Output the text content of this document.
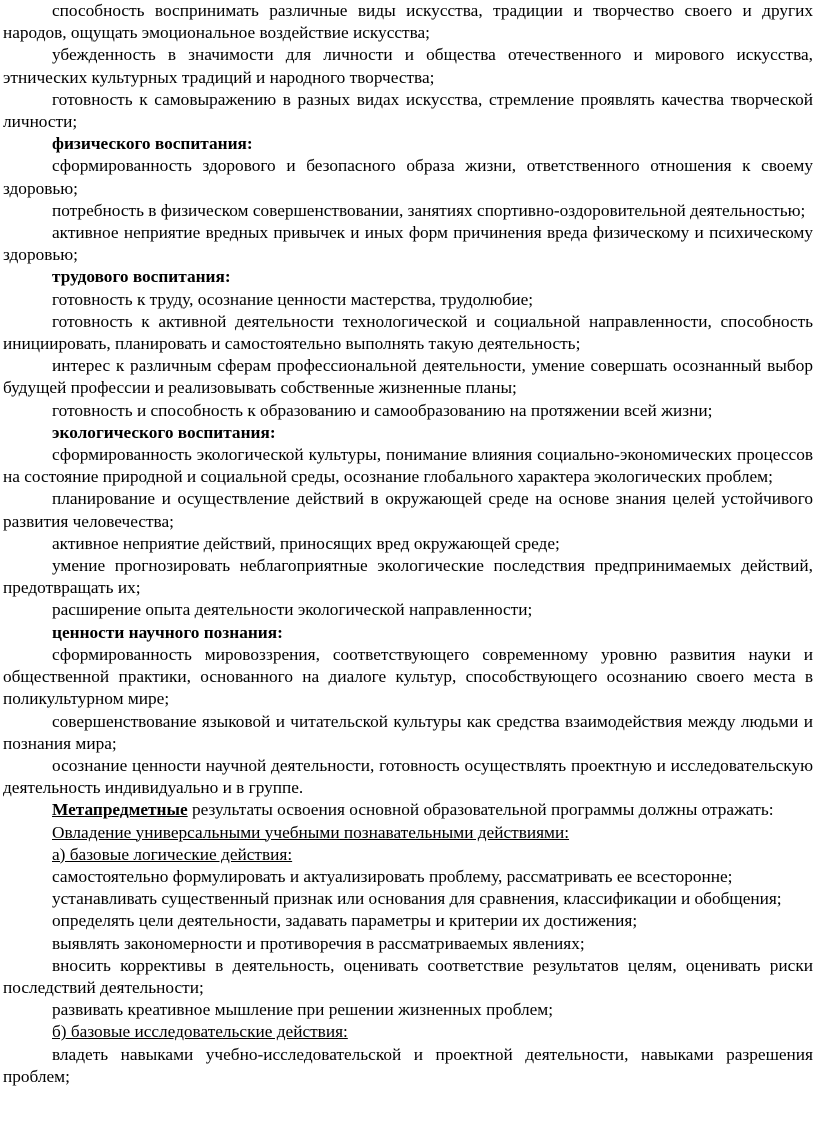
способность воспринимать различные виды искусства, традиции и творчество своего и других народов, ощущать эмоциональное воздействие искусства;

убежденность в значимости для личности и общества отечественного и мирового искусства, этнических культурных традиций и народного творчества;

готовность к самовыражению в разных видах искусства, стремление проявлять качества творческой личности;

физического воспитания:

сформированность здорового и безопасного образа жизни, ответственного отношения к своему здоровью;

потребность в физическом совершенствовании, занятиях спортивно-оздоровительной деятельностью;

активное неприятие вредных привычек и иных форм причинения вреда физическому и психическому здоровью;

трудового воспитания:

готовность к труду, осознание ценности мастерства, трудолюбие;

готовность к активной деятельности технологической и социальной направленности, способность инициировать, планировать и самостоятельно выполнять такую деятельность;

интерес к различным сферам профессиональной деятельности, умение совершать осознанный выбор будущей профессии и реализовывать собственные жизненные планы;

готовность и способность к образованию и самообразованию на протяжении всей жизни;

экологического воспитания:

сформированность экологической культуры, понимание влияния социально-экономических процессов на состояние природной и социальной среды, осознание глобального характера экологических проблем;

планирование и осуществление действий в окружающей среде на основе знания целей устойчивого развития человечества;

активное неприятие действий, приносящих вред окружающей среде;

умение прогнозировать неблагоприятные экологические последствия предпринимаемых действий, предотвращать их;

расширение опыта деятельности экологической направленности;

ценности научного познания:

сформированность мировоззрения, соответствующего современному уровню развития науки и общественной практики, основанного на диалоге культур, способствующего осознанию своего места в поликультурном мире;

совершенствование языковой и читательской культуры как средства взаимодействия между людьми и познания мира;

осознание ценности научной деятельности, готовность осуществлять проектную и исследовательскую деятельность индивидуально и в группе.

Метапредметные результаты освоения основной образовательной программы должны отражать:

Овладение универсальными учебными познавательными действиями:

а) базовые логические действия:

самостоятельно формулировать и актуализировать проблему, рассматривать ее всесторонне;

устанавливать существенный признак или основания для сравнения, классификации и обобщения;

определять цели деятельности, задавать параметры и критерии их достижения;

выявлять закономерности и противоречия в рассматриваемых явлениях;

вносить коррективы в деятельность, оценивать соответствие результатов целям, оценивать риски последствий деятельности;

развивать креативное мышление при решении жизненных проблем;

б) базовые исследовательские действия:

владеть навыками учебно-исследовательской и проектной деятельности, навыками разрешения проблем;
